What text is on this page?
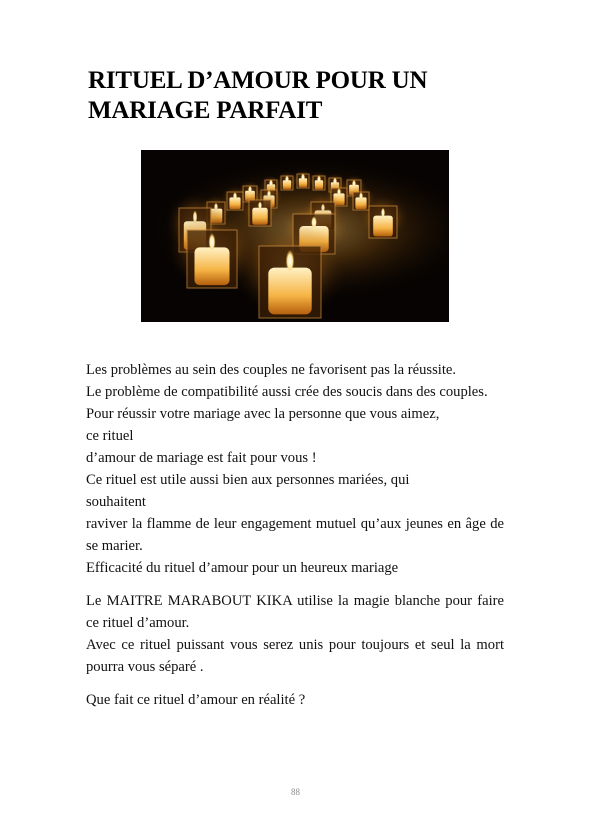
RITUEL D’AMOUR POUR UN MARIAGE PARFAIT

Les problèmes au sein des couples ne favorisent pas la réussite.

Le problème de compatibilité aussi crée des soucis dans des couples.

Pour réussir votre mariage avec la personne que vous aimez,

ce rituel

d’amour de mariage est fait pour vous !

Ce rituel est utile aussi bien aux personnes mariées, qui

souhaitent

raviver la flamme de leur engagement mutuel qu’aux jeunes en âge de se marier.

Efficacité du rituel d’amour pour un heureux mariage

Le MAITRE MARABOUT KIKA utilise la magie blanche pour faire ce rituel d’amour.

Avec ce rituel puissant vous serez unis pour toujours et seul la mort pourra vous séparé .

Que fait ce rituel d’amour en réalité ?

88
